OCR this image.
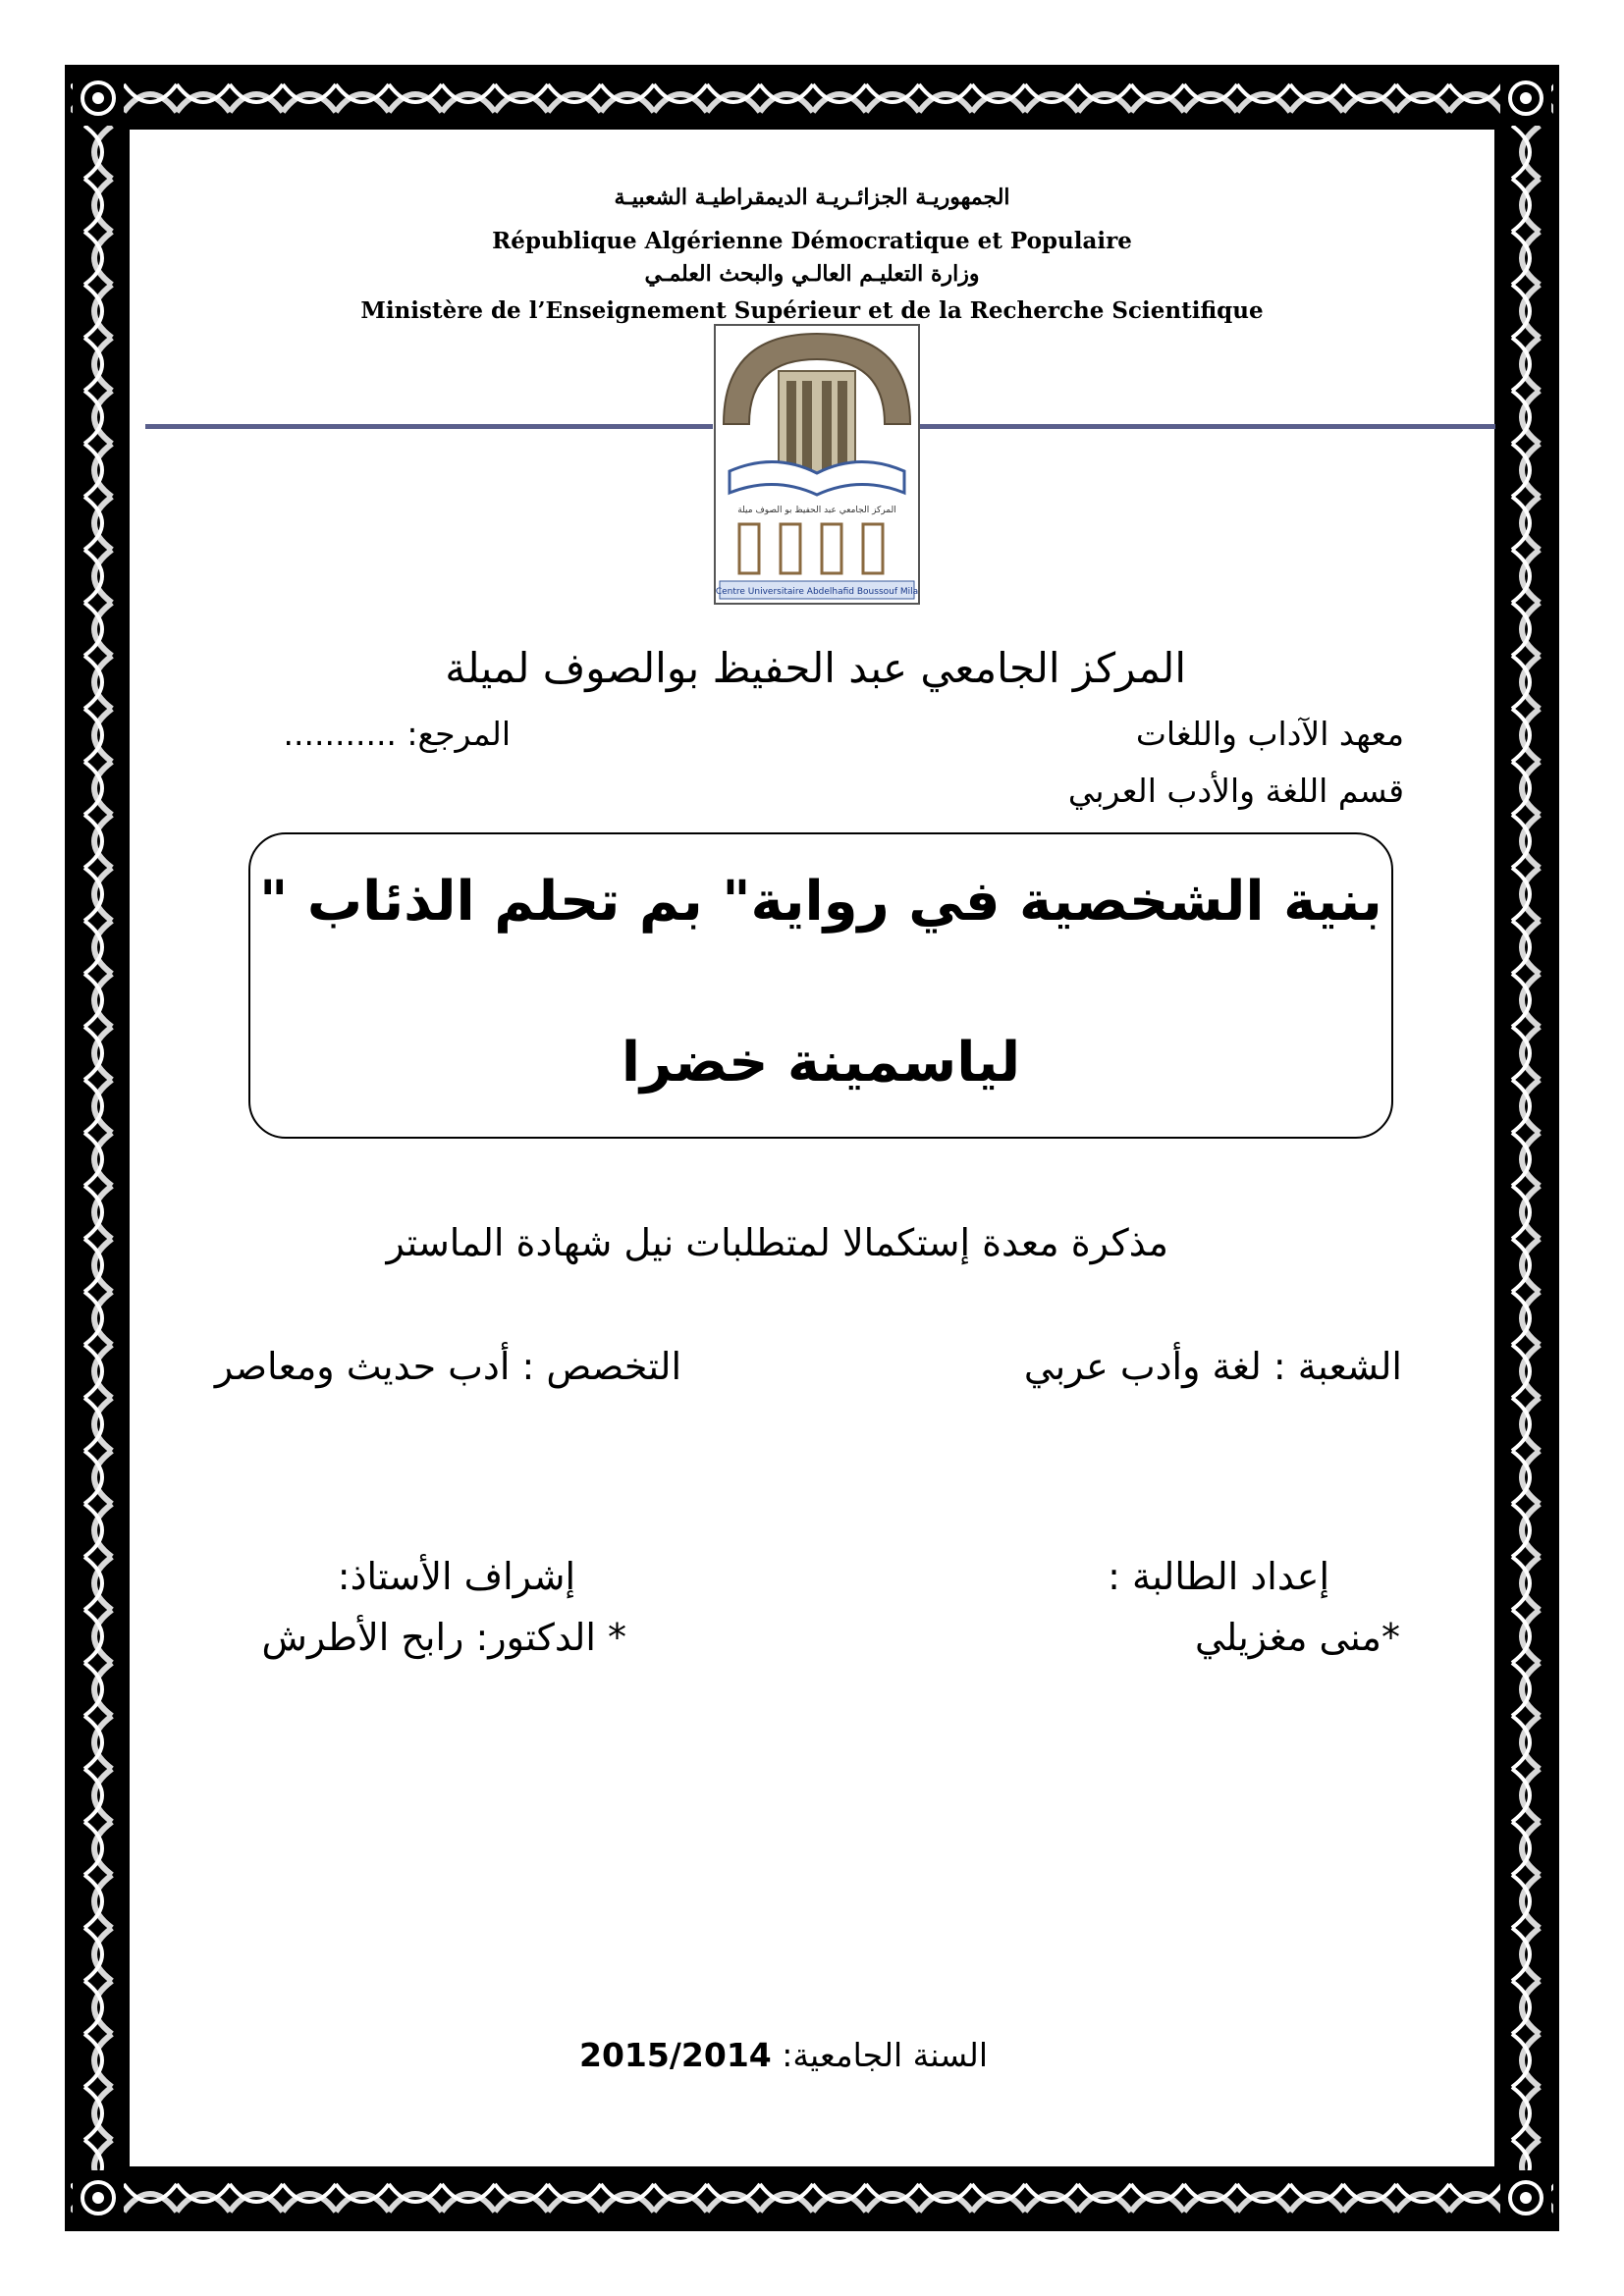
الجمهوريـة الجزائـريـة الديمقراطيـة الشعبيـة
République Algérienne Démocratique et Populaire
وزارة التعليـم العالـي والبحث العلمـي
Ministère de l’Enseignement Supérieur et de la Recherche Scientifique
المركز الجامعي عبد الحفيظ بو الصوف ميلة
Centre Universitaire Abdelhafid Boussouf Mila
المركز الجامعي عبد الحفيظ بوالصوف لميلة
معهد الآداب واللغات
المرجع: ...........
قسم اللغة والأدب العربي
بنية الشخصية في رواية" بم تحلم الذئاب "
لياسمينة خضرا
مذكرة معدة إستكمالا لمتطلبات نيل شهادة الماستر
الشعبة : لغة وأدب عربي
التخصص : أدب حديث ومعاصر
إعداد الطالبة :
*منى مغزيلي
إشراف الأستاذ:
* الدكتور: رابح الأطرش
السنة الجامعية: 2015/2014
